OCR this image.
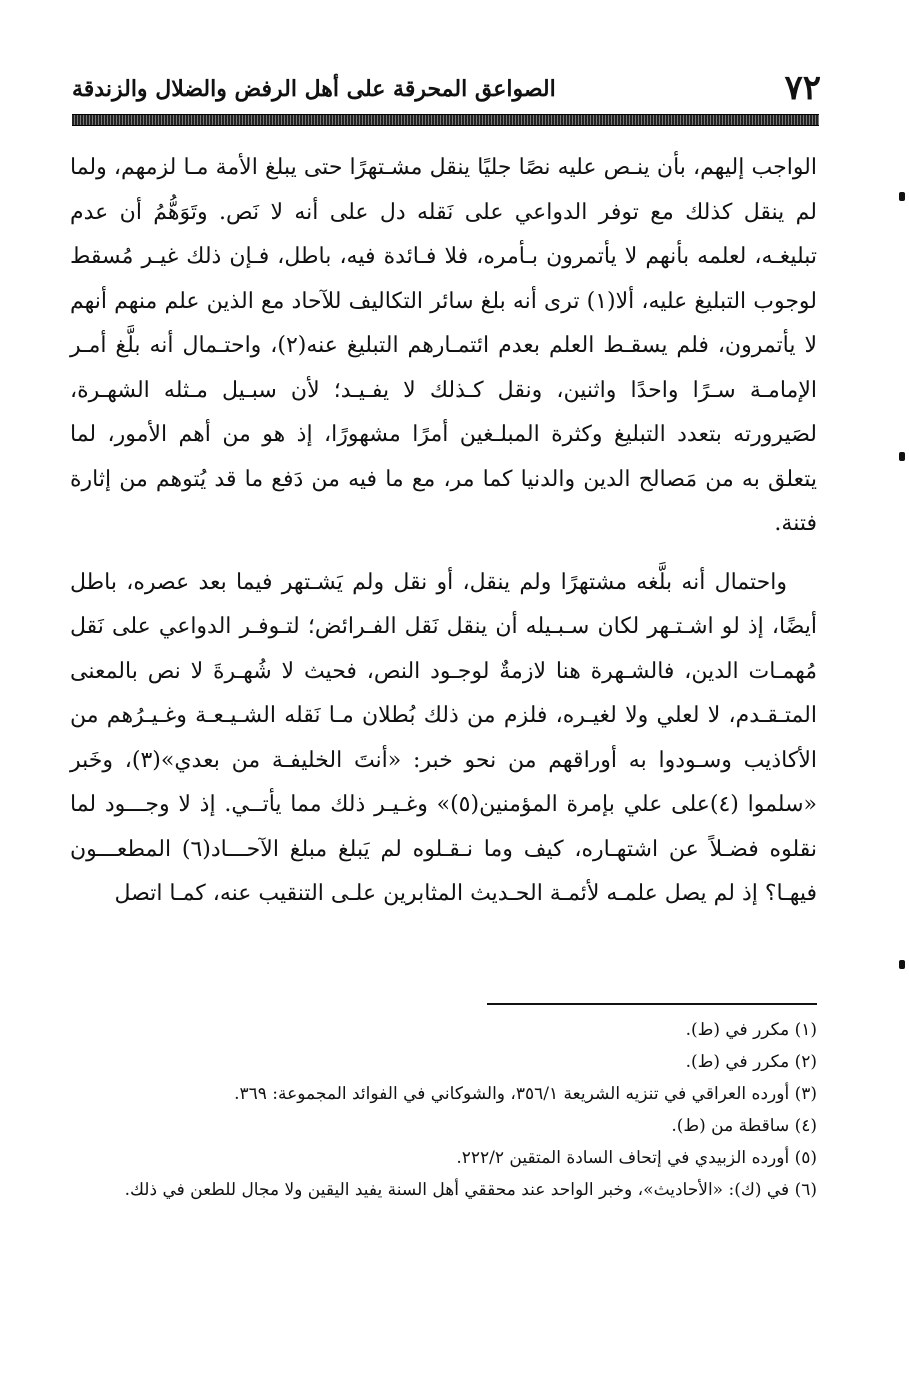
٧٢
الصواعق المحرقة على أهل الرفض والضلال والزندقة

الواجب إليهم، بأن ينـص عليه نصًا جليًا ينقل مشـتهرًا حتى يبلغ الأمة مـا لزمهم، ولما لم ينقل كذلك مع توفر الدواعي على نَقله دل على أنه لا نَص. وتَوَهُّمُ أن عدم تبليغـه، لعلمه بأنهم لا يأتمرون بـأمره، فلا فـائدة فيه، باطل، فـإن ذلك غيـر مُسقط لوجوب التبليغ عليه، ألا(١) ترى أنه بلغ سائر التكاليف للآحاد مع الذين علم منهم أنهم لا يأتمرون، فلم يسقـط العلم بعدم ائتمـارهم التبليغ عنه(٢)، واحتـمال أنه بلَّغ أمـر الإمامـة سـرًا واحدًا واثنين، ونقل كـذلك لا يفـيـد؛ لأن سبـيل مـثله الشهـرة، لصَيرورته بتعدد التبليغ وكثرة المبلـغين أمرًا مشهورًا، إذ هو من أهم الأمور، لما يتعلق به من مَصالح الدين والدنيا كما مر، مع ما فيه من دَفع ما قد يُتوهم من إثارة فتنة.

واحتمال أنه بلَّغه مشتهرًا ولم ينقل، أو نقل ولم يَشـتهر فيما بعد عصره، باطل أيضًا، إذ لو اشـتـهر لكان سـبـيله أن ينقل نَقل الفـرائض؛ لتـوفـر الدواعي على نَقل مُهمـات الدين، فالشـهرة هنا لازمةٌ لوجـود النص، فحيث لا شُهـرةَ لا نص بالمعنى المتـقـدم، لا لعلي ولا لغيـره، فلزم من ذلك بُطلان مـا نَقله الشـيـعـة وغـيـرُهم من الأكاذيب وسـودوا به أوراقهم من نحو خبر: «أنتَ الخليفـة من بعدي»(٣)، وخَبر «سلموا (٤)على علي بإمرة المؤمنين(٥)» وغـيـر ذلك مما يأتــي. إذ لا وجـــود لما نقلوه فضـلاً عن اشتهـاره، كيف وما نـقـلوه لم يَبلغ مبلغ الآحـــاد(٦) المطعـــون فيهـا؟ إذ لم يصل علمـه لأئمـة الحـديث المثابرين علـى التنقيب عنه، كمـا اتصل

(١) مكرر في (ط).

(٢) مكرر في (ط).

(٣) أورده العراقي في تنزيه الشريعة ٣٥٦/١، والشوكاني في الفوائد المجموعة: ٣٦٩.

(٤) ساقطة من (ط).

(٥) أورده الزبيدي في إتحاف السادة المتقين ٢٢٢/٢.

(٦) في (ك): «الأحاديث»، وخبر الواحد عند محققي أهل السنة يفيد اليقين ولا مجال للطعن في ذلك.
